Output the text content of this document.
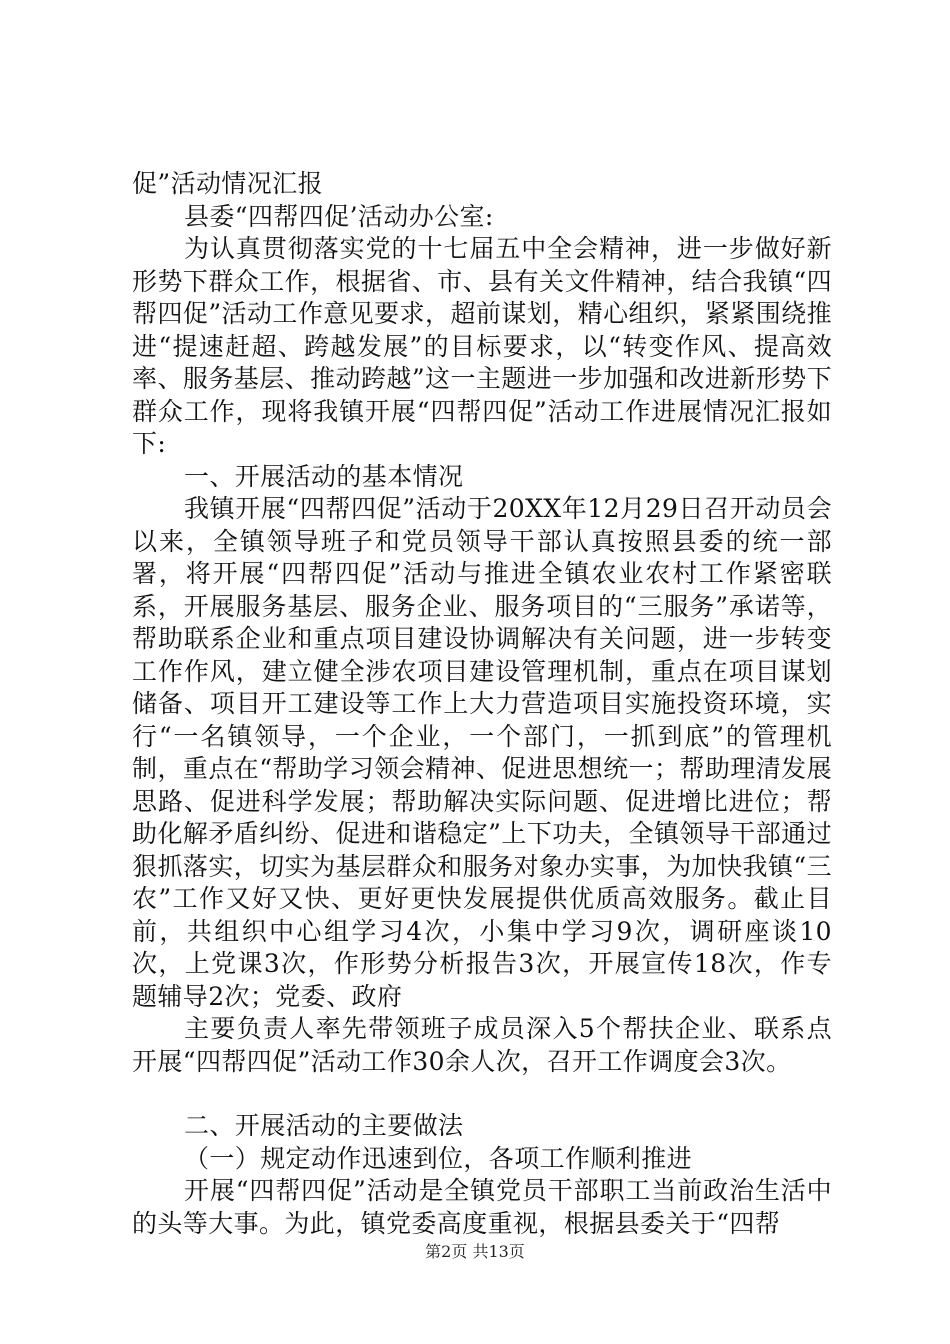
促”活动情况汇报

县委“四帮四促’活动办公室:

为认真贯彻落实党的十七届五中全会精神，进一步做好新形势下群众工作，根据省、市、县有关文件精神，结合我镇“四帮四促”活动工作意见要求，超前谋划，精心组织，紧紧围绕推进“提速赶超、跨越发展”的目标要求，以“转变作风、提高效率、服务基层、推动跨越”这一主题进一步加强和改进新形势下群众工作，现将我镇开展“四帮四促”活动工作进展情况汇报如下:

一、开展活动的基本情况

我镇开展“四帮四促”活动于20XX年12月29日召开动员会以来，全镇领导班子和党员领导干部认真按照县委的统一部署，将开展“四帮四促”活动与推进全镇农业农村工作紧密联系，开展服务基层、服务企业、服务项目的“三服务”承诺等，帮助联系企业和重点项目建设协调解决有关问题，进一步转变工作作风，建立健全涉农项目建设管理机制，重点在项目谋划储备、项目开工建设等工作上大力营造项目实施投资环境，实行“一名镇领导，一个企业，一个部门，一抓到底”的管理机制，重点在“帮助学习领会精神、促进思想统一；帮助理清发展思路、促进科学发展；帮助解决实际问题、促进增比进位；帮助化解矛盾纠纷、促进和谐稳定”上下功夫，全镇领导干部通过狠抓落实，切实为基层群众和服务对象办实事，为加快我镇“三农”工作又好又快、更好更快发展提供优质高效服务。截止目前，共组织中心组学习4次，小集中学习9次，调研座谈10次，上党课3次，作形势分析报告3次，开展宣传18次，作专题辅导2次；党委、政府

主要负责人率先带领班子成员深入5个帮扶企业、联系点开展“四帮四促”活动工作30余人次，召开工作调度会3次。

二、开展活动的主要做法

（一）规定动作迅速到位，各项工作顺利推进

开展“四帮四促”活动是全镇党员干部职工当前政治生活中的头等大事。为此，镇党委高度重视，根据县委关于“四帮

第2页 共13页
